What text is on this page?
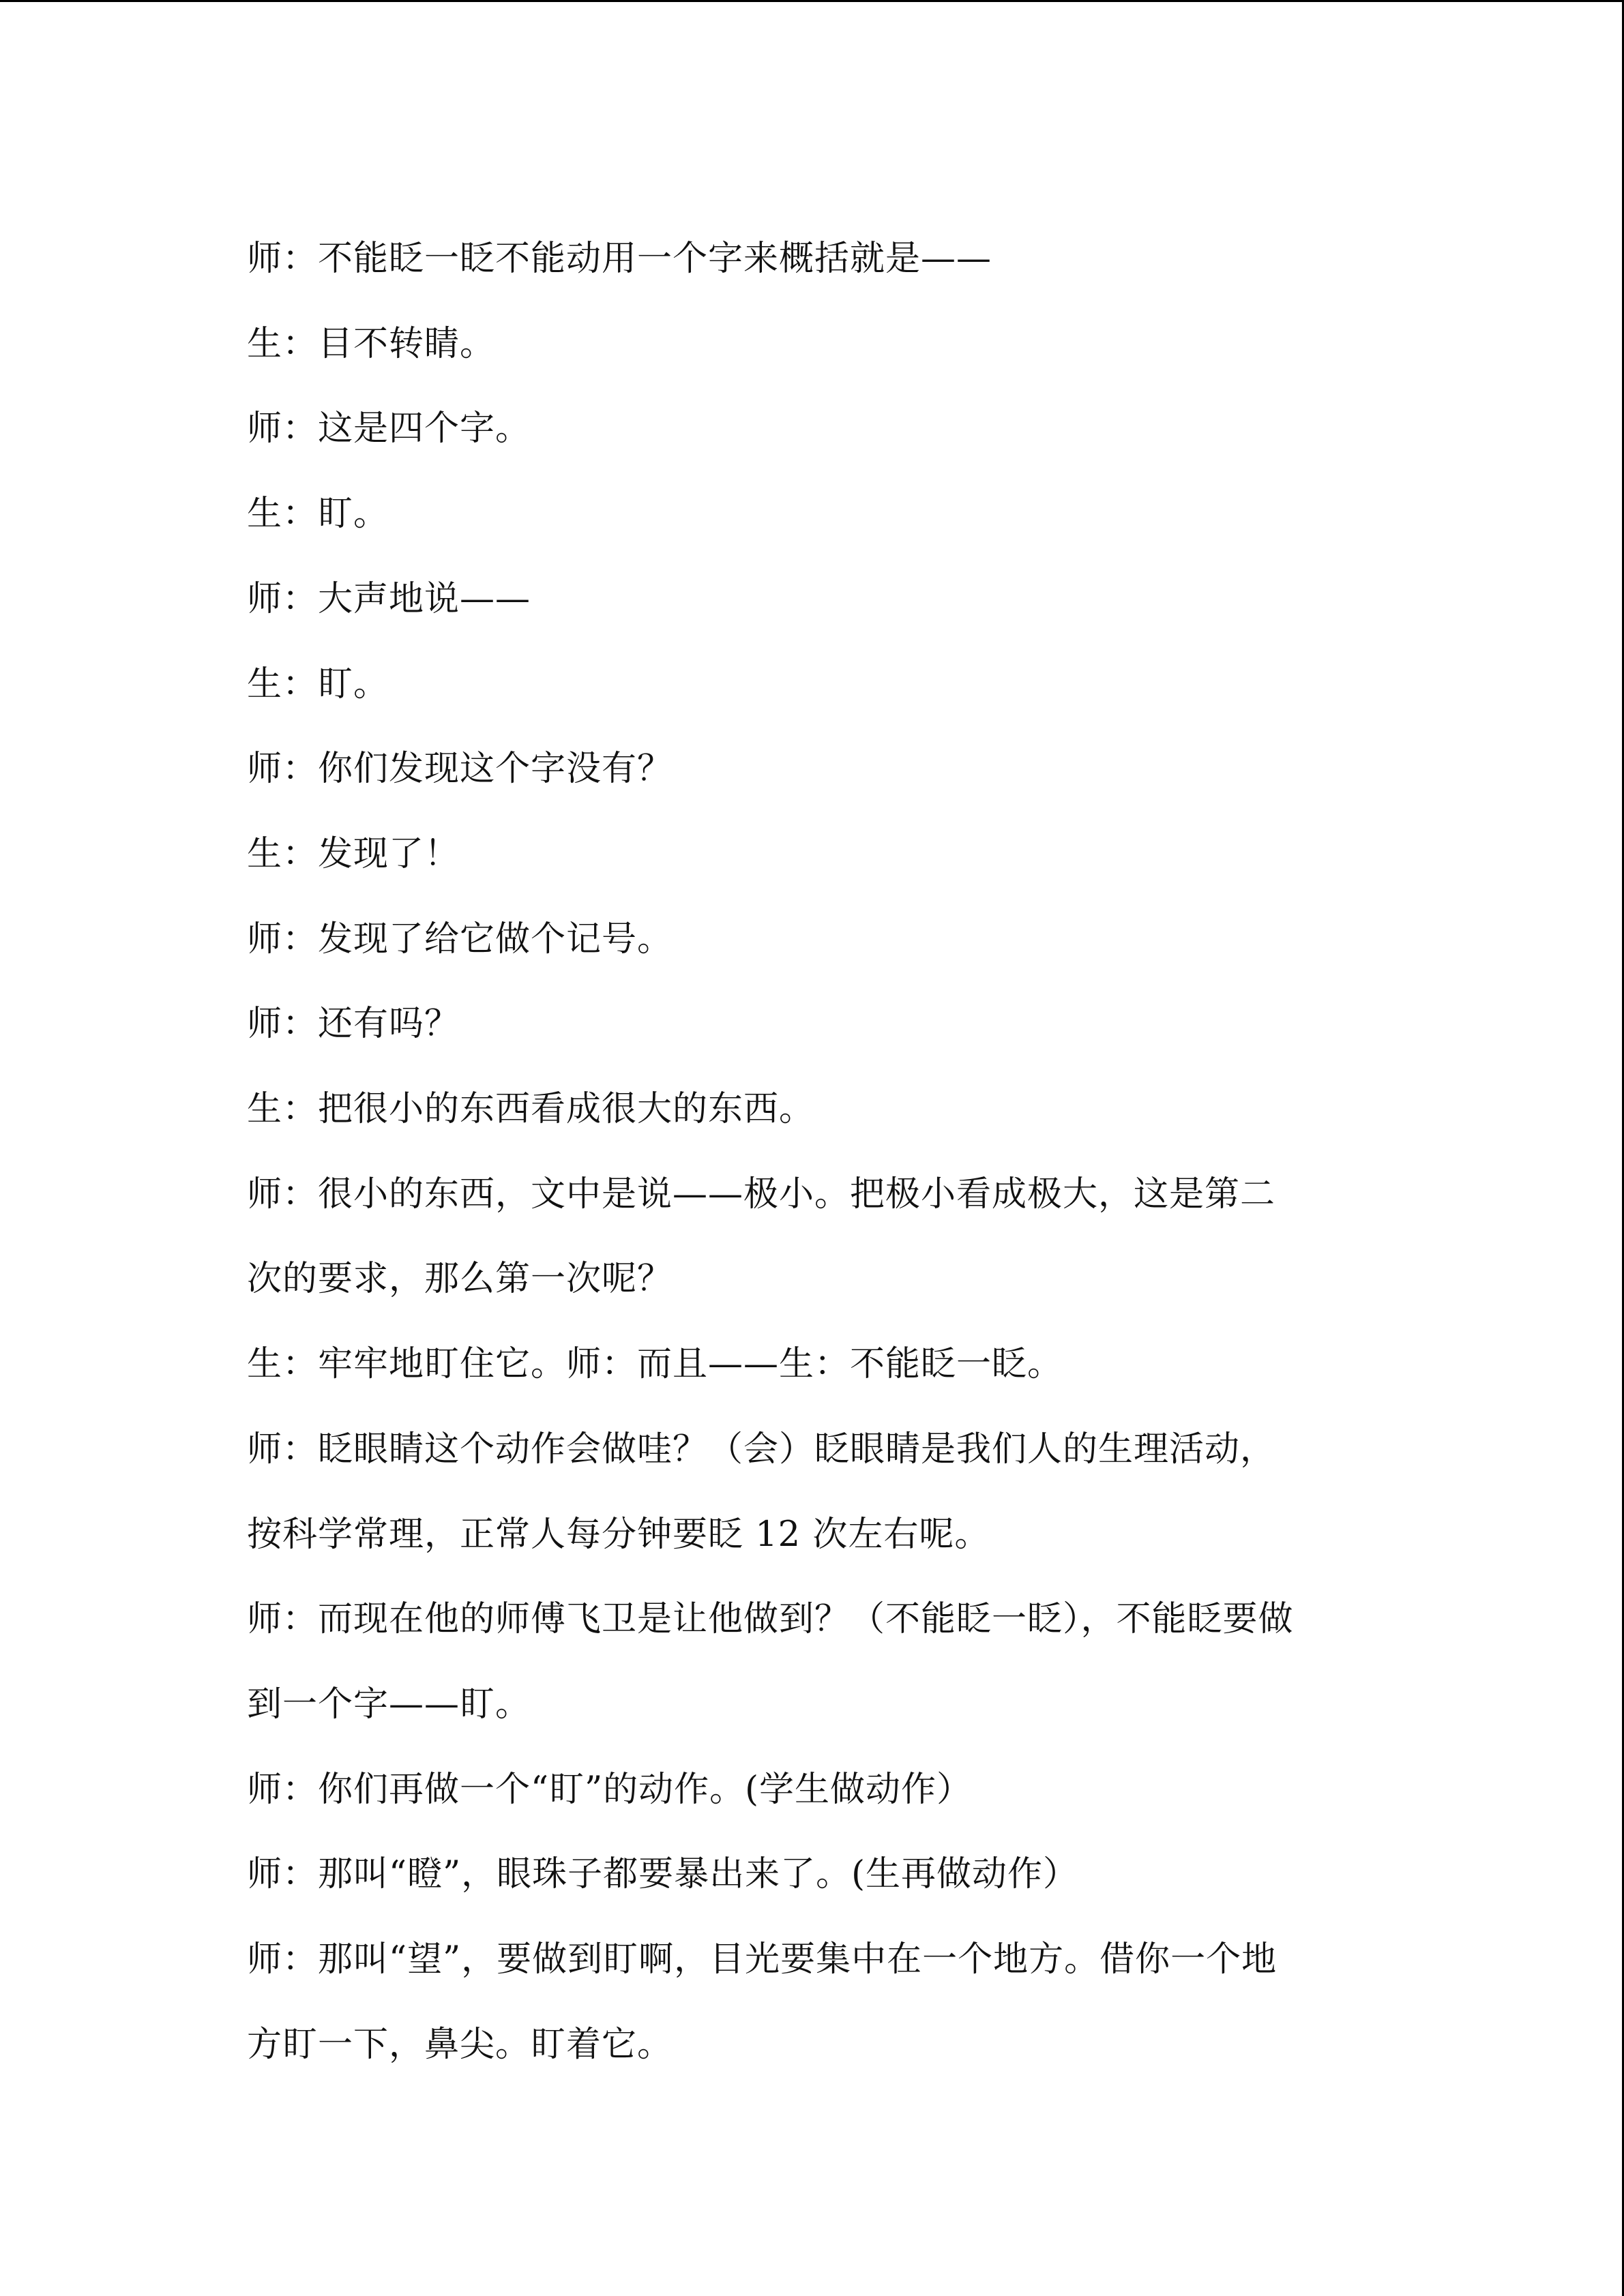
师：不能眨一眨不能动用一个字来概括就是——

生：目不转睛。

师：这是四个字。

生：盯。

师：大声地说——

生：盯。

师：你们发现这个字没有？

生：发现了！

师：发现了给它做个记号。

师：还有吗？

生：把很小的东西看成很大的东西。

师：很小的东西，文中是说——极小。把极小看成极大，这是第二

次的要求，那么第一次呢？

生：牢牢地盯住它。师：而且——生：不能眨一眨。

师：眨眼睛这个动作会做哇？（会）眨眼睛是我们人的生理活动，

按科学常理，正常人每分钟要眨 12 次左右呢。

师：而现在他的师傅飞卫是让他做到？（不能眨一眨），不能眨要做

到一个字——盯。

师：你们再做一个“盯”的动作。(学生做动作）

师：那叫“瞪”，眼珠子都要暴出来了。(生再做动作）

师：那叫“望”，要做到盯啊，目光要集中在一个地方。借你一个地

方盯一下，鼻尖。盯着它。
